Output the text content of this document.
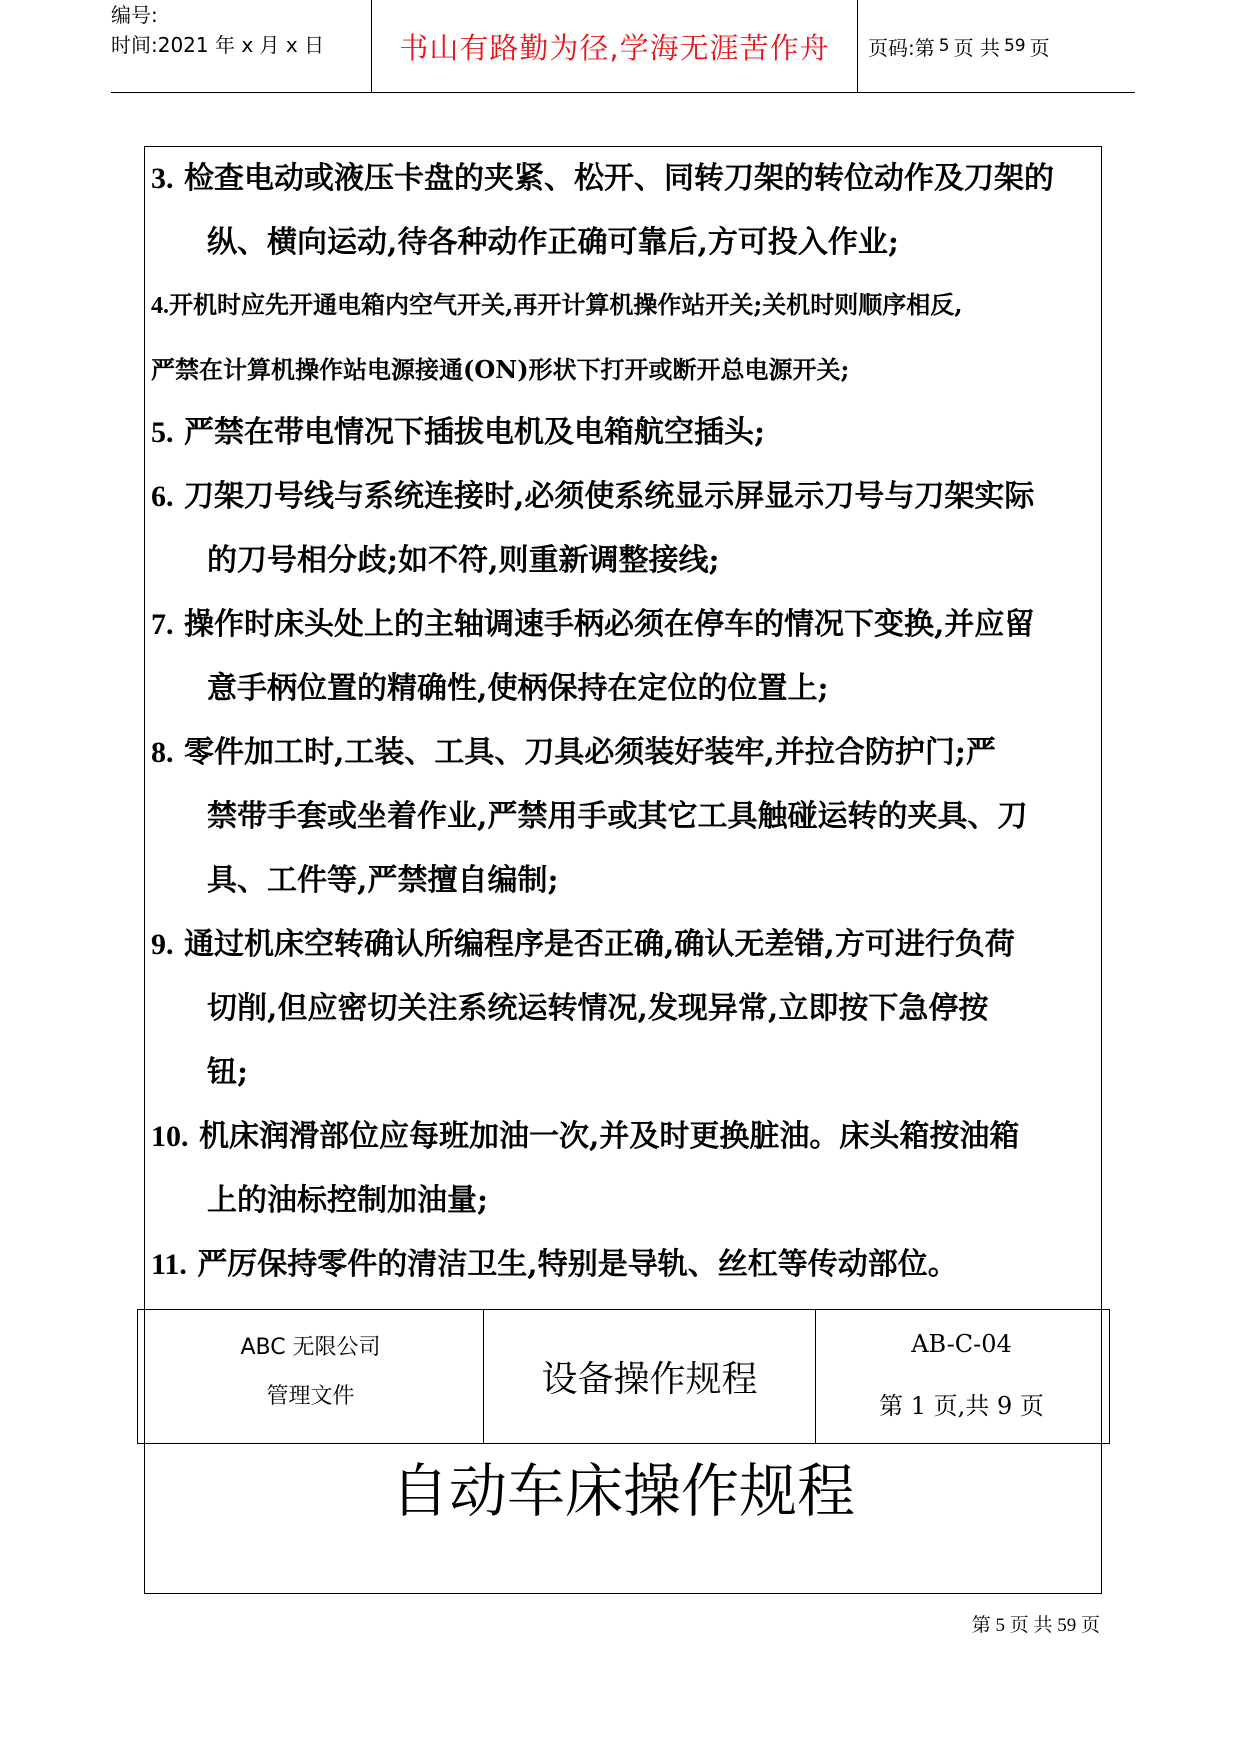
编号:
时间:2021 年 x 月 x 日	书山有路勤为径,学海无涯苦作舟 页码:第 5 页 共 59 页
3. 检查电动或液压卡盘的夹紧、松开、同转刀架的转位动作及刀架的
纵、横向运动,待各种动作正确可靠后,方可投入作业;
4.开机时应先开通电箱内空气开关,再开计算机操作站开关;关机时则顺序相反,
严禁在计算机操作站电源接通(ON)形状下打开或断开总电源开关;
5. 严禁在带电情况下插拔电机及电箱航空插头;
6. 刀架刀号线与系统连接时,必须使系统显示屏显示刀号与刀架实际
的刀号相分歧;如不符,则重新调整接线;
7. 操作时床头处上的主轴调速手柄必须在停车的情况下变换,并应留
意手柄位置的精确性,使柄保持在定位的位置上;
8. 零件加工时,工装、工具、刀具必须装好装牢,并拉合防护门;严
禁带手套或坐着作业,严禁用手或其它工具触碰运转的夹具、刀
具、工件等,严禁擅自编制;
9. 通过机床空转确认所编程序是否正确,确认无差错,方可进行负荷
切削,但应密切关注系统运转情况,发现异常,立即按下急停按
钮;
10. 机床润滑部位应每班加油一次,并及时更换脏油。床头箱按油箱
上的油标控制加油量;
11. 严厉保持零件的清洁卫生,特别是导轨、丝杠等传动部位。
ABC 无限公司
管理文件	设备操作规程
AB-C-04
第 1 页,共 9 页
自动车床操作规程
第 5 页 共 59 页
